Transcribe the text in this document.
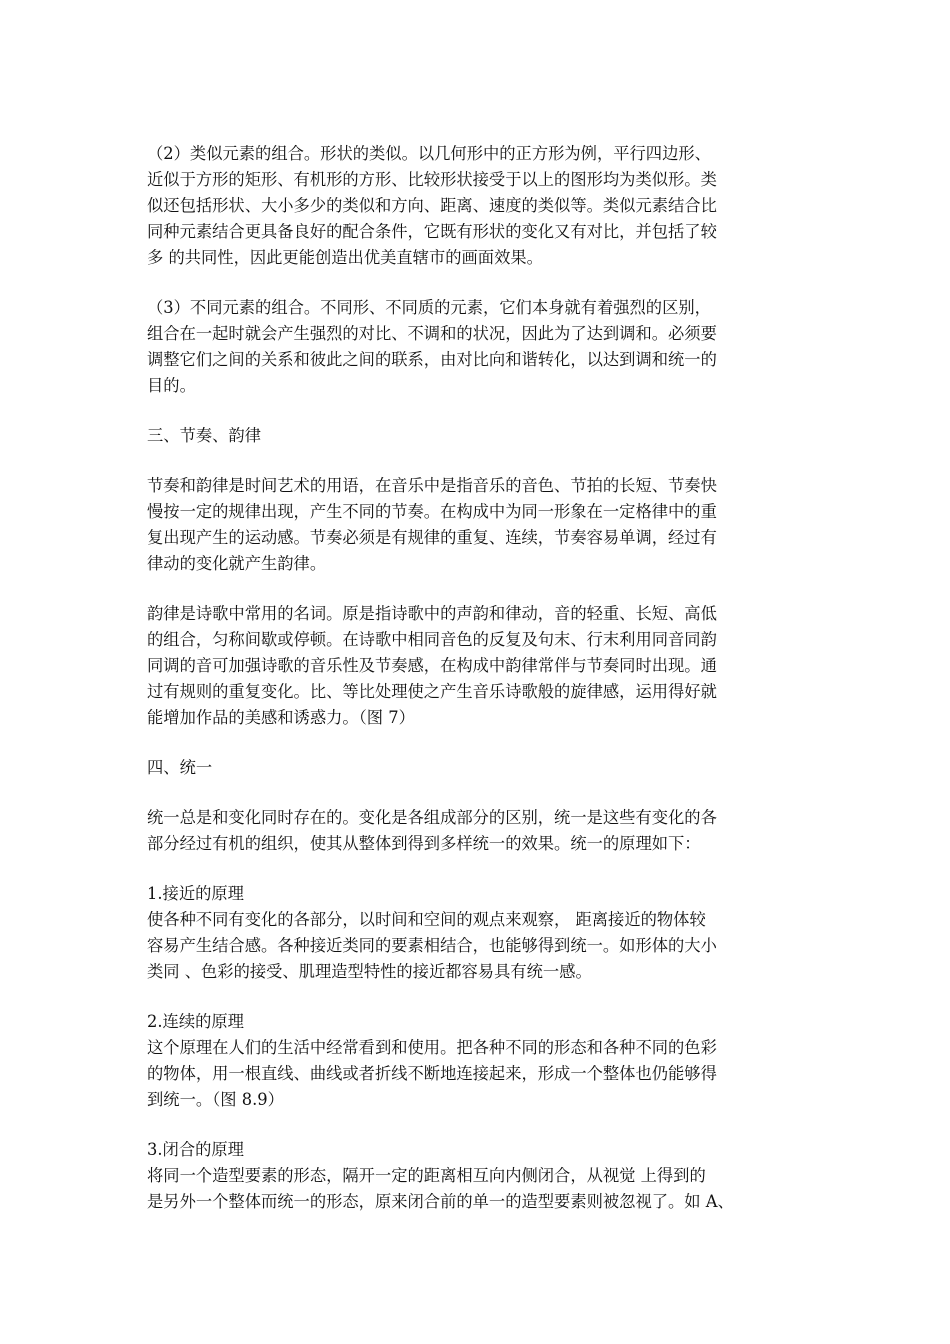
（2）类似元素的组合。形状的类似。以几何形中的正方形为例，平行四边形、
近似于方形的矩形、有机形的方形、比较形状接受于以上的图形均为类似形。类
似还包括形状、大小多少的类似和方向、距离、速度的类似等。类似元素结合比
同种元素结合更具备良好的配合条件，它既有形状的变化又有对比，并包括了较
多 的共同性，因此更能创造出优美直辖市的画面效果。
（3）不同元素的组合。不同形、不同质的元素，它们本身就有着强烈的区别，
组合在一起时就会产生强烈的对比、不调和的状况，因此为了达到调和。必须要
调整它们之间的关系和彼此之间的联系，由对比向和谐转化，以达到调和统一的
目的。
三、节奏、韵律
节奏和韵律是时间艺术的用语，在音乐中是指音乐的音色、节拍的长短、节奏快
慢按一定的规律出现，产生不同的节奏。在构成中为同一形象在一定格律中的重
复出现产生的运动感。节奏必须是有规律的重复、连续，节奏容易单调，经过有
律动的变化就产生韵律。
韵律是诗歌中常用的名词。原是指诗歌中的声韵和律动，音的轻重、长短、高低
的组合，匀称间歇或停顿。在诗歌中相同音色的反复及句末、行末利用同音同韵
同调的音可加强诗歌的音乐性及节奏感，在构成中韵律常伴与节奏同时出现。通
过有规则的重复变化。比、等比处理使之产生音乐诗歌般的旋律感，运用得好就
能增加作品的美感和诱惑力。（图 7）
四、统一
统一总是和变化同时存在的。变化是各组成部分的区别，统一是这些有变化的各
部分经过有机的组织，使其从整体到得到多样统一的效果。统一的原理如下：
1.接近的原理
使各种不同有变化的各部分，以时间和空间的观点来观察， 距离接近的物体较
容易产生结合感。各种接近类同的要素相结合，也能够得到统一。如形体的大小
类同 、色彩的接受、肌理造型特性的接近都容易具有统一感。
2.连续的原理
这个原理在人们的生活中经常看到和使用。把各种不同的形态和各种不同的色彩
的物体，用一根直线、曲线或者折线不断地连接起来，形成一个整体也仍能够得
到统一。（图 8.9）
3.闭合的原理
将同一个造型要素的形态，隔开一定的距离相互向内侧闭合，从视觉 上得到的
是另外一个整体而统一的形态，原来闭合前的单一的造型要素则被忽视了。如 A、
